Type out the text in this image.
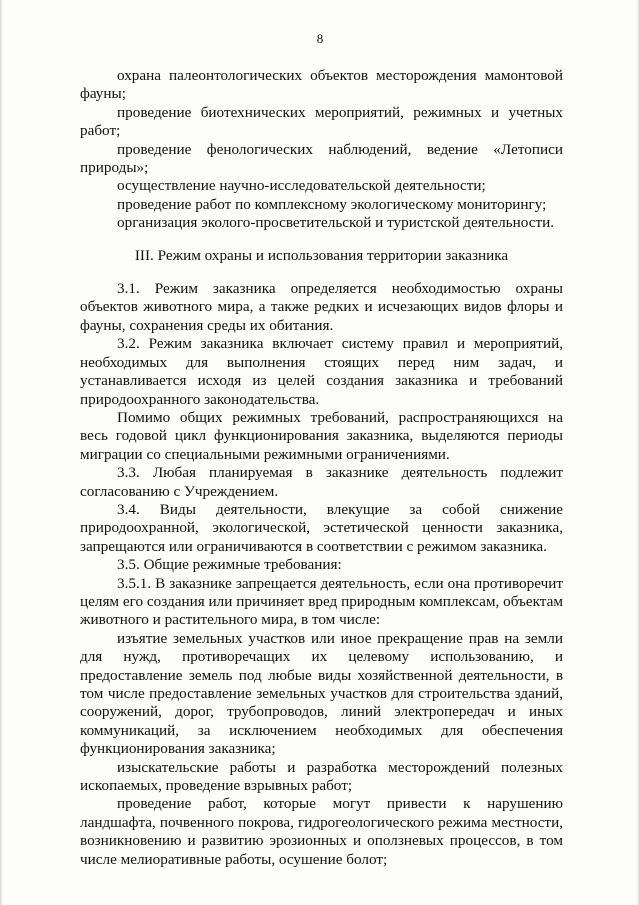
8

охрана палеонтологических объектов месторождения мамонтовой фауны;

проведение биотехнических мероприятий, режимных и учетных работ;

проведение фенологических наблюдений, ведение «Летописи природы»;

осуществление научно-исследовательской деятельности;

проведение работ по комплексному экологическому мониторингу;

организация эколого-просветительской и туристской деятельности.

III. Режим охраны и использования территории заказника

3.1. Режим заказника определяется необходимостью охраны объектов животного мира, а также редких и исчезающих видов флоры и фауны, сохранения среды их обитания.

3.2. Режим заказника включает систему правил и мероприятий, необходимых для выполнения стоящих перед ним задач, и устанавливается исходя из целей создания заказника и требований природоохранного законодательства.

Помимо общих режимных требований, распространяющихся на весь годовой цикл функционирования заказника, выделяются периоды миграции со специальными режимными ограничениями.

3.3. Любая планируемая в заказнике деятельность подлежит согласованию с Учреждением.

3.4. Виды деятельности, влекущие за собой снижение природоохранной, экологической, эстетической ценности заказника, запрещаются или ограничиваются в соответствии с режимом заказника.

3.5. Общие режимные требования:

3.5.1. В заказнике запрещается деятельность, если она противоречит целям его создания или причиняет вред природным комплексам, объектам животного и растительного мира, в том числе:

изъятие земельных участков или иное прекращение прав на земли для нужд, противоречащих их целевому использованию, и предоставление земель под любые виды хозяйственной деятельности, в том числе предоставление земельных участков для строительства зданий, сооружений, дорог, трубопроводов, линий электропередач и иных коммуникаций, за исключением необходимых для обеспечения функционирования заказника;

изыскательские работы и разработка месторождений полезных ископаемых, проведение взрывных работ;

проведение работ, которые могут привести к нарушению ландшафта, почвенного покрова, гидрогеологического режима местности, возникновению и развитию эрозионных и оползневых процессов, в том числе мелиоративные работы, осушение болот;
